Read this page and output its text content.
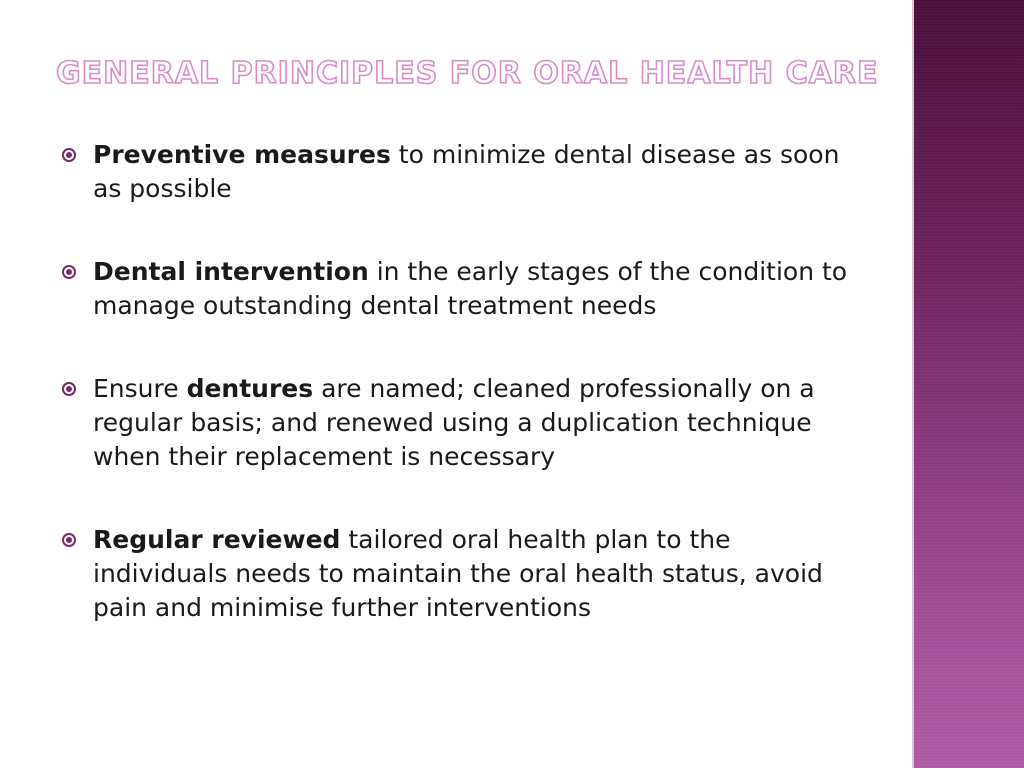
GENERAL PRINCIPLES FOR ORAL HEALTH CARE
Preventive measures to minimize dental disease as soon as possible
Dental intervention in the early stages of the condition to manage outstanding dental treatment needs
Ensure dentures are named; cleaned professionally on a regular basis; and renewed using a duplication technique when their replacement is necessary
Regular reviewed tailored oral health plan to the individuals needs to maintain the oral health status, avoid pain and minimise further interventions
